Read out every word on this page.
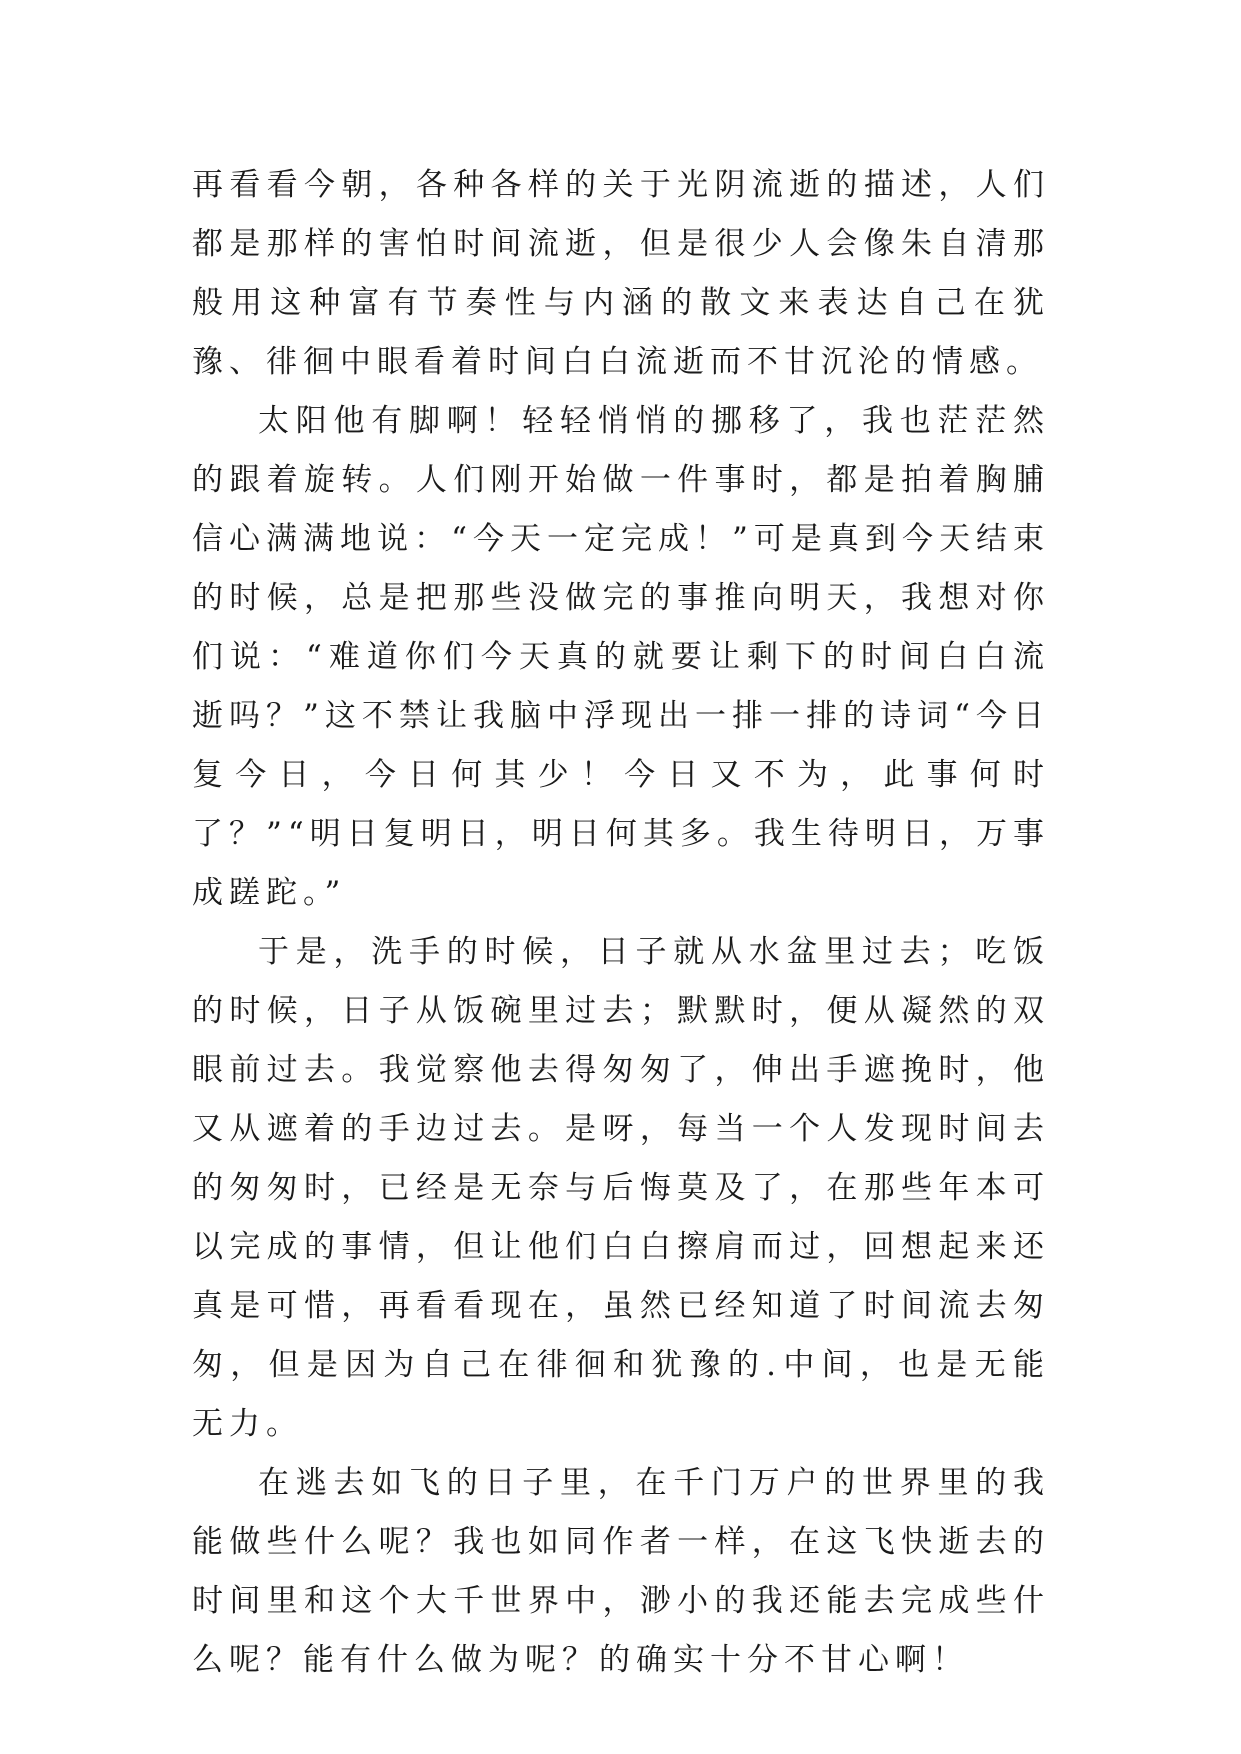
再看看今朝，各种各样的关于光阴流逝的描述，人们都是那样的害怕时间流逝，但是很少人会像朱自清那般用这种富有节奏性与内涵的散文来表达自己在犹豫、徘徊中眼看着时间白白流逝而不甘沉沦的情感。

太阳他有脚啊！轻轻悄悄的挪移了，我也茫茫然的跟着旋转。人们刚开始做一件事时，都是拍着胸脯信心满满地说：“今天一定完成！”可是真到今天结束的时候，总是把那些没做完的事推向明天，我想对你们说：“难道你们今天真的就要让剩下的时间白白流逝吗？”这不禁让我脑中浮现出一排一排的诗词“今日复今日，今日何其少！今日又不为，此事何时了？”“明日复明日，明日何其多。我生待明日，万事成蹉跎。”

于是，洗手的时候，日子就从水盆里过去；吃饭的时候，日子从饭碗里过去；默默时，便从凝然的双眼前过去。我觉察他去得匆匆了，伸出手遮挽时，他又从遮着的手边过去。是呀，每当一个人发现时间去的匆匆时，已经是无奈与后悔莫及了，在那些年本可以完成的事情，但让他们白白擦肩而过，回想起来还真是可惜，再看看现在，虽然已经知道了时间流去匆匆，但是因为自己在徘徊和犹豫的.中间，也是无能无力。

在逃去如飞的日子里，在千门万户的世界里的我能做些什么呢？我也如同作者一样，在这飞快逝去的时间里和这个大千世界中，渺小的我还能去完成些什么呢？能有什么做为呢？的确实十分不甘心啊！
